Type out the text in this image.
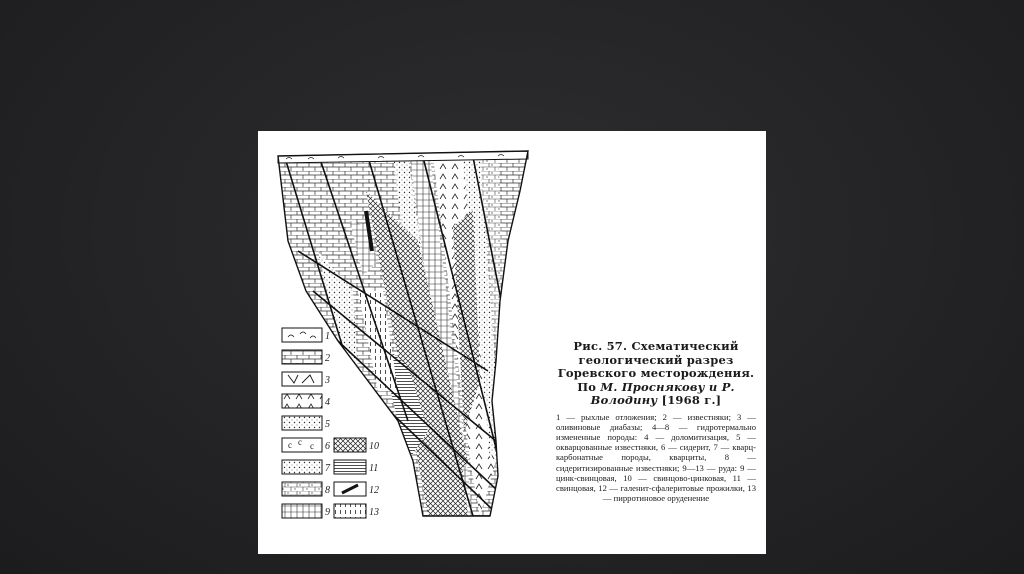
c c c
1
2
3
4
5
6
7
8
9
10
11
12
13
Рис. 57. Схематический геологический разрез Горевского месторождения. По М. Проснякову и Р. Володину [1968 г.]
1 — рыхлые отложения; 2 — известняки; 3 — оливиновые диабазы; 4—8 — гидротермально измененные породы: 4 — доломитизация, 5 — окварцованные известняки, 6 — сидерит, 7 — кварц-карбонатные породы, кварциты, 8 — сидеритизированные известняки; 9—13 — руда: 9 — цинк-свинцовая, 10 — свинцово-цинковая, 11 — свинцовая, 12 — галенит-сфалеритовые прожилки, 13 — пирротиновое оруденение
